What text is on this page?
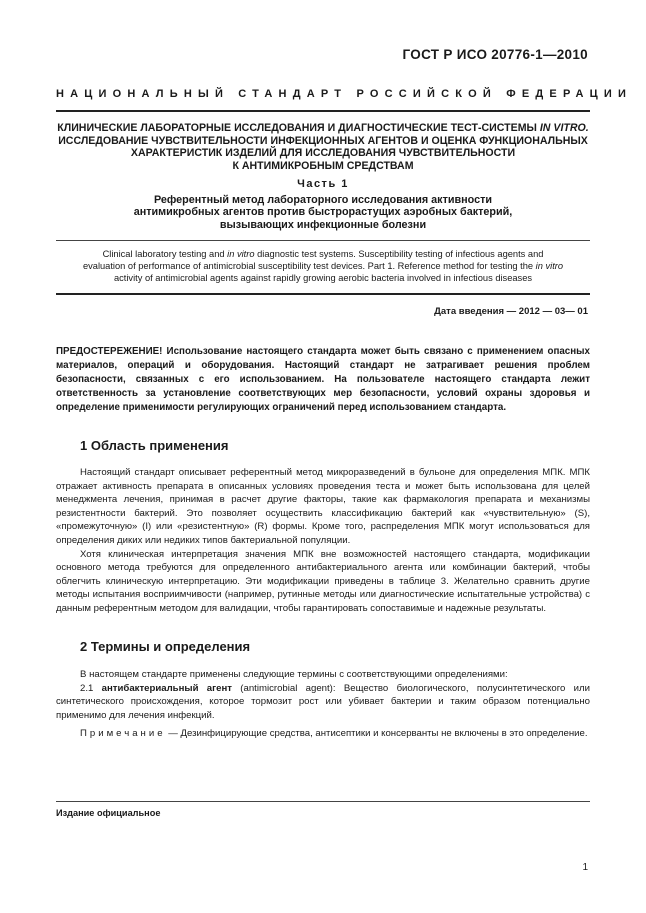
ГОСТ Р ИСО 20776-1—2010
НАЦИОНАЛЬНЫЙ СТАНДАРТ РОССИЙСКОЙ ФЕДЕРАЦИИ
КЛИНИЧЕСКИЕ ЛАБОРАТОРНЫЕ ИССЛЕДОВАНИЯ И ДИАГНОСТИЧЕСКИЕ ТЕСТ-СИСТЕМЫ IN VITRO.
ИССЛЕДОВАНИЕ ЧУВСТВИТЕЛЬНОСТИ ИНФЕКЦИОННЫХ АГЕНТОВ И ОЦЕНКА ФУНКЦИОНАЛЬНЫХ
ХАРАКТЕРИСТИК ИЗДЕЛИЙ ДЛЯ ИССЛЕДОВАНИЯ ЧУВСТВИТЕЛЬНОСТИ
К АНТИМИКРОБНЫМ СРЕДСТВАМ
Часть 1
Референтный метод лабораторного исследования активности
антимикробных агентов против быстрорастущих аэробных бактерий,
вызывающих инфекционные болезни
Clinical laboratory testing and in vitro diagnostic test systems. Susceptibility testing of infectious agents and
evaluation of performance of antimicrobial susceptibility test devices. Part 1. Reference method for testing the in vitro
activity of antimicrobial agents against rapidly growing aerobic bacteria involved in infectious diseases
Дата введения — 2012 — 03— 01
ПРЕДОСТЕРЕЖЕНИЕ! Использование настоящего стандарта может быть связано с применением опасных материалов, операций и оборудования. Настоящий стандарт не затрагивает решения проблем безопасности, связанных с его использованием. На пользователе настоящего стандарта лежит ответственность за установление соответствующих мер безопасности, условий охраны здоровья и определение применимости регулирующих ограничений перед использованием стандарта.
1 Область применения

Настоящий стандарт описывает референтный метод микроразведений в бульоне для определения МПК. МПК отражает активность препарата в описанных условиях проведения теста и может быть использована для целей менеджмента лечения, принимая в расчет другие факторы, такие как фармакология препарата и механизмы резистентности бактерий. Это позволяет осуществить классификацию бактерий как «чувствительную» (S), «промежуточную» (I) или «резистентную» (R) формы. Кроме того, распределения МПК могут использоваться для определения диких или недиких типов бактериальной популяции.

Хотя клиническая интерпретация значения МПК вне возможностей настоящего стандарта, модификации основного метода требуются для определенного антибактериального агента или комбинации бактерий, чтобы облегчить клиническую интерпретацию. Эти модификации приведены в таблице 3. Желательно сравнить другие методы испытания восприимчивости (например, рутинные методы или диагностические испытательные устройства) с данным референтным методом для валидации, чтобы гарантировать сопоставимые и надежные результаты.

2 Термины и определения

В настоящем стандарте применены следующие термины с соответствующими определениями:

2.1 антибактериальный агент (antimicrobial agent): Вещество биологического, полусинтетического или синтетического происхождения, которое тормозит рост или убивает бактерии и таким образом потенциально применимо для лечения инфекций.

Примечание — Дезинфицирующие средства, антисептики и консерванты не включены в это определение.

Издание официальное
1
